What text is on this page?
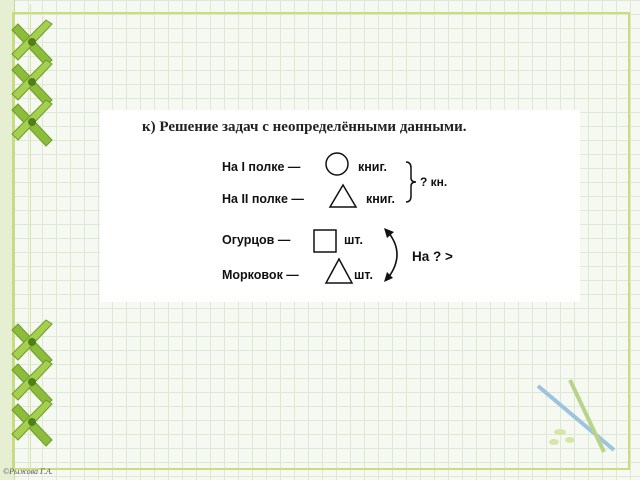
к) Решение задач с неопределёнными данными.
На I полке —	книг.
На II полке —	книг.
? кн.
Огурцов —	шт.
Морковок —	шт.
На ? >
©Рыжова Г.А.
